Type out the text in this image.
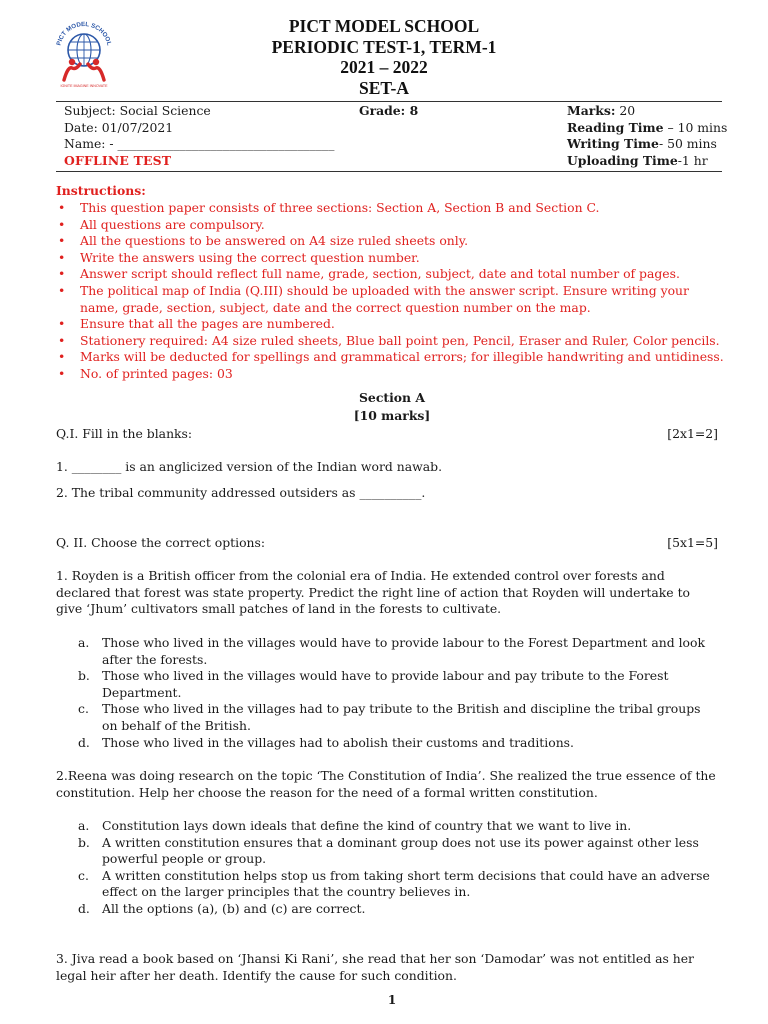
PICT MODEL SCHOOL
IGNITE IMAGINE INNOVATE
PICT MODEL SCHOOL
PERIODIC TEST-1, TERM-1
2021 – 2022
SET-A
Subject: Social Science
Date: 01/07/2021
Name: - ___________________________________
OFFLINE TEST
Grade: 8	Marks: 20
Reading Time – 10 mins
Writing Time- 50 mins
Uploading Time-1 hr
Instructions:
• This question paper consists of three sections: Section A, Section B and Section C.
• All questions are compulsory.
• All the questions to be answered on A4 size ruled sheets only.
• Write the answers using the correct question number.
• Answer script should reflect full name, grade, section, subject, date and total number of pages.
• The political map of India (Q.III) should be uploaded with the answer script. Ensure writing your name, grade, section, subject, date and the correct question number on the map.
• Ensure that all the pages are numbered.
• Stationery required: A4 size ruled sheets, Blue ball point pen, Pencil, Eraser and Ruler, Color pencils.
• Marks will be deducted for spellings and grammatical errors; for illegible handwriting and untidiness.
• No. of printed pages: 03
Section A
[10 marks]
Q.I. Fill in the blanks:	[2x1=2]
1. ________ is an anglicized version of the Indian word nawab.
2. The tribal community addressed outsiders as __________.
Q. II. Choose the correct options:	[5x1=5]
1. Royden is a British officer from the colonial era of India. He extended control over forests and declared that forest was state property. Predict the right line of action that Royden will undertake to give ‘Jhum’ cultivators small patches of land in the forests to cultivate.
a. Those who lived in the villages would have to provide labour to the Forest Department and look after the forests.
b. Those who lived in the villages would have to provide labour and pay tribute to the Forest Department.
c. Those who lived in the villages had to pay tribute to the British and discipline the tribal groups on behalf of the British.
d. Those who lived in the villages had to abolish their customs and traditions.
2.Reena was doing research on the topic ‘The Constitution of India’. She realized the true essence of the constitution. Help her choose the reason for the need of a formal written constitution.
a. Constitution lays down ideals that define the kind of country that we want to live in.
b. A written constitution ensures that a dominant group does not use its power against other less powerful people or group.
c. A written constitution helps stop us from taking short term decisions that could have an adverse effect on the larger principles that the country believes in.
d. All the options (a), (b) and (c) are correct.
3. Jiva read a book based on ‘Jhansi Ki Rani’, she read that her son ‘Damodar’ was not entitled as her legal heir after her death. Identify the cause for such condition.
1
